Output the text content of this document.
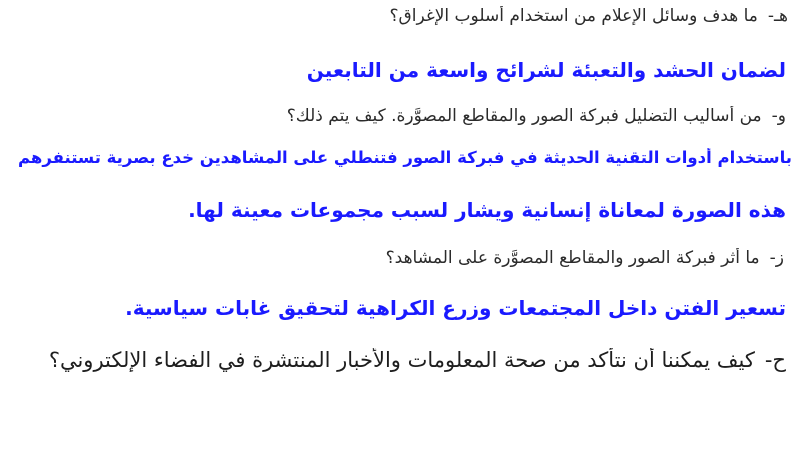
هـ-ما هدف وسائل الإعلام من استخدام أسلوب الإغراق؟
لضمان الحشد والتعبئة لشرائح واسعة من التابعين
و-من أساليب التضليل فبركة الصور والمقاطع المصوَّرة. كيف يتم ذلك؟
باستخدام أدوات التقنية الحديثة في فبركة الصور فتنطلي على المشاهدين خدع بصرية تستنفرهم
هذه الصورة لمعاناة إنسانية ويشار لسبب مجموعات معينة لها.
ز-ما أثر فبركة الصور والمقاطع المصوَّرة على المشاهد؟
تسعير الفتن داخل المجتمعات وزرع الكراهية لتحقيق غابات سياسية.
ح-كيف يمكننا أن نتأكد من صحة المعلومات والأخبار المنتشرة في الفضاء الإلكتروني؟
